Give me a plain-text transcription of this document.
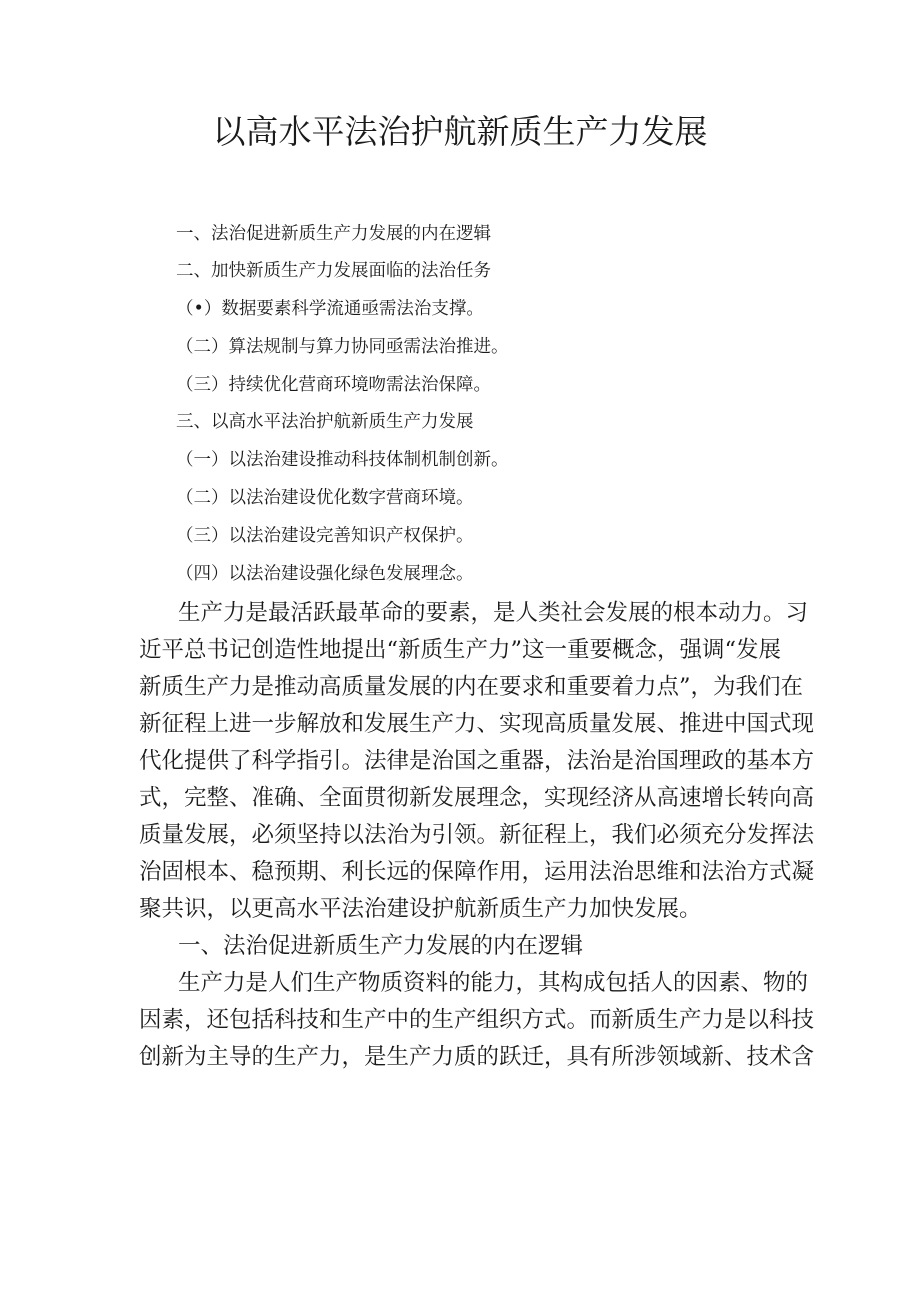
以高水平法治护航新质生产力发展
一、法治促进新质生产力发展的内在逻辑
二、加快新质生产力发展面临的法治任务
（•）数据要素科学流通亟需法治支撑。
（二）算法规制与算力协同亟需法治推进。
（三）持续优化营商环境吻需法治保障。
三、以高水平法治护航新质生产力发展
（一）以法治建设推动科技体制机制创新。
（二）以法治建设优化数字营商环境。
（三）以法治建设完善知识产权保护。
（四）以法治建设强化绿色发展理念。
生产力是最活跃最革命的要素，是人类社会发展的根本动力。习
近平总书记创造性地提出“新质生产力”这一重要概念，强调“发展
新质生产力是推动高质量发展的内在要求和重要着力点”，为我们在
新征程上进一步解放和发展生产力、实现高质量发展、推进中国式现
代化提供了科学指引。法律是治国之重器，法治是治国理政的基本方
式，完整、准确、全面贯彻新发展理念，实现经济从高速增长转向高
质量发展，必须坚持以法治为引领。新征程上，我们必须充分发挥法
治固根本、稳预期、利长远的保障作用，运用法治思维和法治方式凝
聚共识，以更高水平法治建设护航新质生产力加快发展。
一、法治促进新质生产力发展的内在逻辑
生产力是人们生产物质资料的能力，其构成包括人的因素、物的
因素，还包括科技和生产中的生产组织方式。而新质生产力是以科技
创新为主导的生产力，是生产力质的跃迁，具有所涉领域新、技术含
